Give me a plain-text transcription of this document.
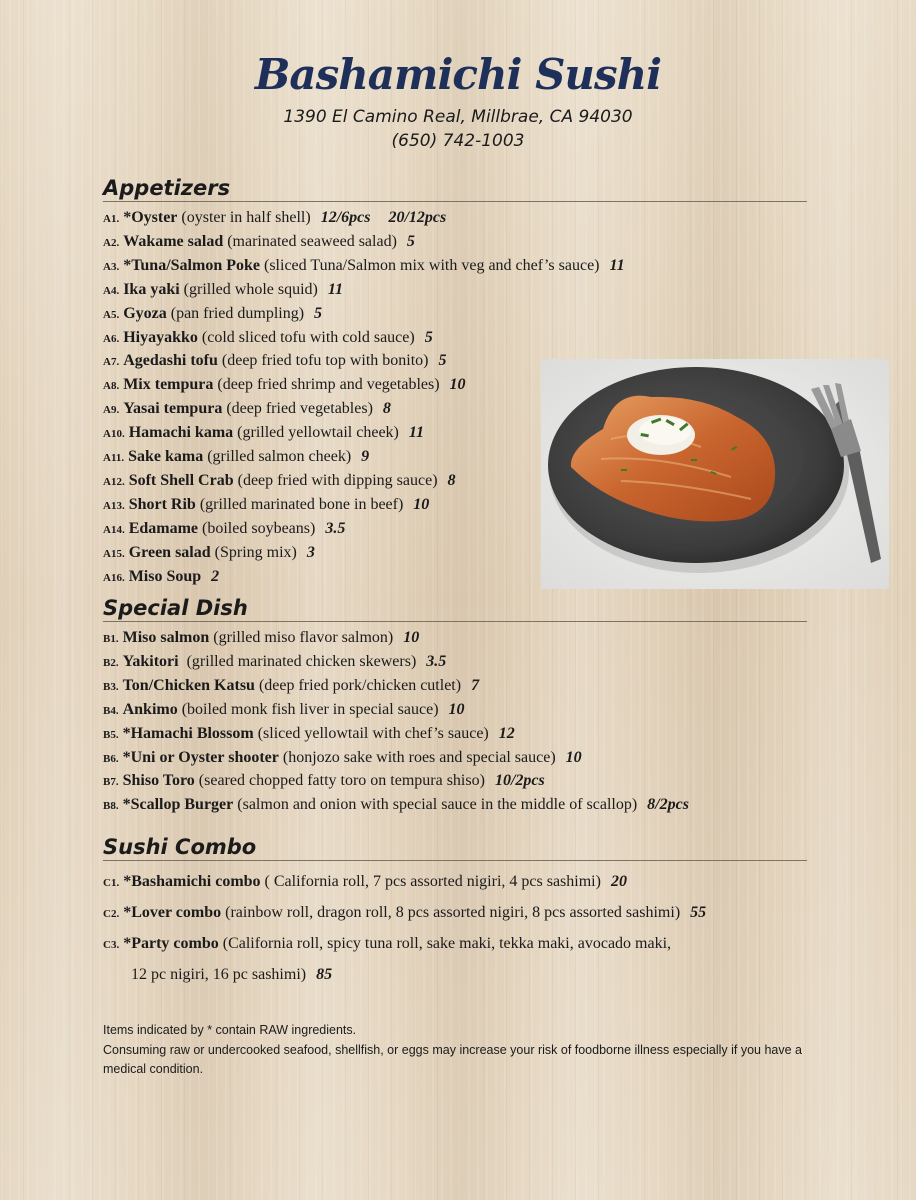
Bashamichi Sushi
1390 El Camino Real, Millbrae, CA 94030
(650) 742-1003
Appetizers
A1. *Oyster (oyster in half shell) 12/6pcs 20/12pcs
A2. Wakame salad (marinated seaweed salad) 5
A3. *Tuna/Salmon Poke (sliced Tuna/Salmon mix with veg and chef’s sauce) 11
A4. Ika yaki (grilled whole squid) 11
A5. Gyoza (pan fried dumpling) 5
A6. Hiyayakko (cold sliced tofu with cold sauce) 5
A7. Agedashi tofu (deep fried tofu top with bonito) 5
A8. Mix tempura (deep fried shrimp and vegetables) 10
A9. Yasai tempura (deep fried vegetables) 8
A10. Hamachi kama (grilled yellowtail cheek) 11
A11. Sake kama (grilled salmon cheek) 9
A12. Soft Shell Crab (deep fried with dipping sauce) 8
A13. Short Rib (grilled marinated bone in beef) 10
A14. Edamame (boiled soybeans) 3.5
A15. Green salad (Spring mix) 3
A16. Miso Soup 2
Special Dish
B1. Miso salmon (grilled miso flavor salmon) 10
B2. Yakitori (grilled marinated chicken skewers) 3.5
B3. Ton/Chicken Katsu (deep fried pork/chicken cutlet) 7
B4. Ankimo (boiled monk fish liver in special sauce) 10
B5. *Hamachi Blossom (sliced yellowtail with chef’s sauce) 12
B6. *Uni or Oyster shooter (honjozo sake with roes and special sauce) 10
B7. Shiso Toro (seared chopped fatty toro on tempura shiso) 10/2pcs
B8. *Scallop Burger (salmon and onion with special sauce in the middle of scallop) 8/2pcs
Sushi Combo
C1. *Bashamichi combo ( California roll, 7 pcs assorted nigiri, 4 pcs sashimi) 20
C2. *Lover combo (rainbow roll, dragon roll, 8 pcs assorted nigiri, 8 pcs assorted sashimi) 55
C3. *Party combo (California roll, spicy tuna roll, sake maki, tekka maki, avocado maki,
12 pc nigiri, 16 pc sashimi) 85
Items indicated by * contain RAW ingredients.
Consuming raw or undercooked seafood, shellfish, or eggs may increase your risk of foodborne illness especially if you have a medical condition.
